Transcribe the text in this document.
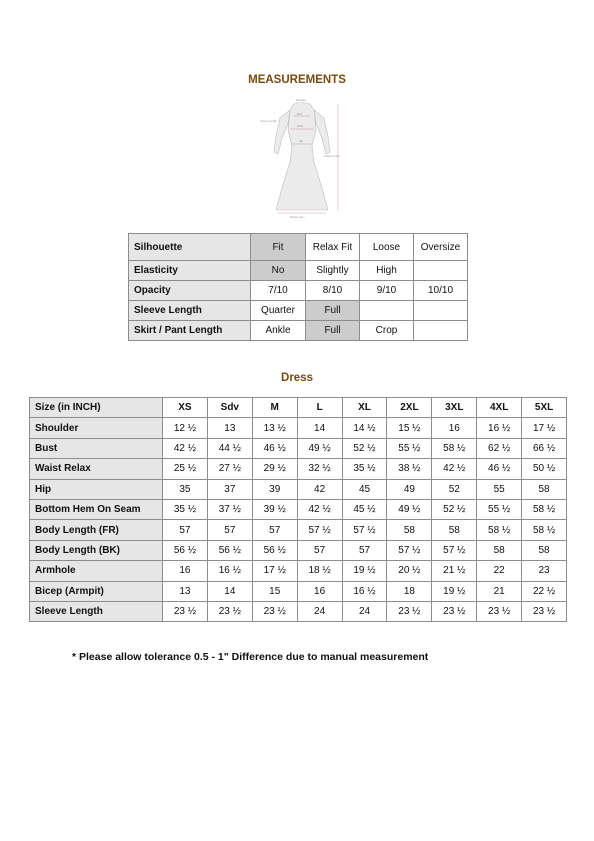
MEASUREMENTS
Shoulder
Bust
Waist
Hip
Sleeve Length
Dress Length
Bottom Hem
Silhouette	Fit	Relax Fit	Loose	Oversize
Elasticity	No	Slightly	High	
Opacity	7/10	8/10	9/10	10/10
Sleeve Length	Quarter	Full		
Skirt / Pant Length	Ankle	Full	Crop	
Dress
Size (in INCH)	XS	Sdv	M	L	XL	2XL	3XL	4XL	5XL
Shoulder	12 ½	13	13 ½	14	14 ½	15 ½	16	16 ½	17 ½
Bust	42 ½	44 ½	46 ½	49 ½	52 ½	55 ½	58 ½	62 ½	66 ½
Waist Relax	25 ½	27 ½	29 ½	32 ½	35 ½	38 ½	42 ½	46 ½	50 ½
Hip	35	37	39	42	45	49	52	55	58
Bottom Hem On Seam	35 ½	37 ½	39 ½	42 ½	45 ½	49 ½	52 ½	55 ½	58 ½
Body Length (FR)	57	57	57	57 ½	57 ½	58	58	58 ½	58 ½
Body Length (BK)	56 ½	56 ½	56 ½	57	57	57 ½	57 ½	58	58
Armhole	16	16 ½	17 ½	18 ½	19 ½	20 ½	21 ½	22	23
Bicep (Armpit)	13	14	15	16	16 ½	18	19 ½	21	22 ½
Sleeve Length	23 ½	23 ½	23 ½	24	24	23 ½	23 ½	23 ½	23 ½
* Please allow tolerance 0.5 - 1" Difference due to manual measurement
